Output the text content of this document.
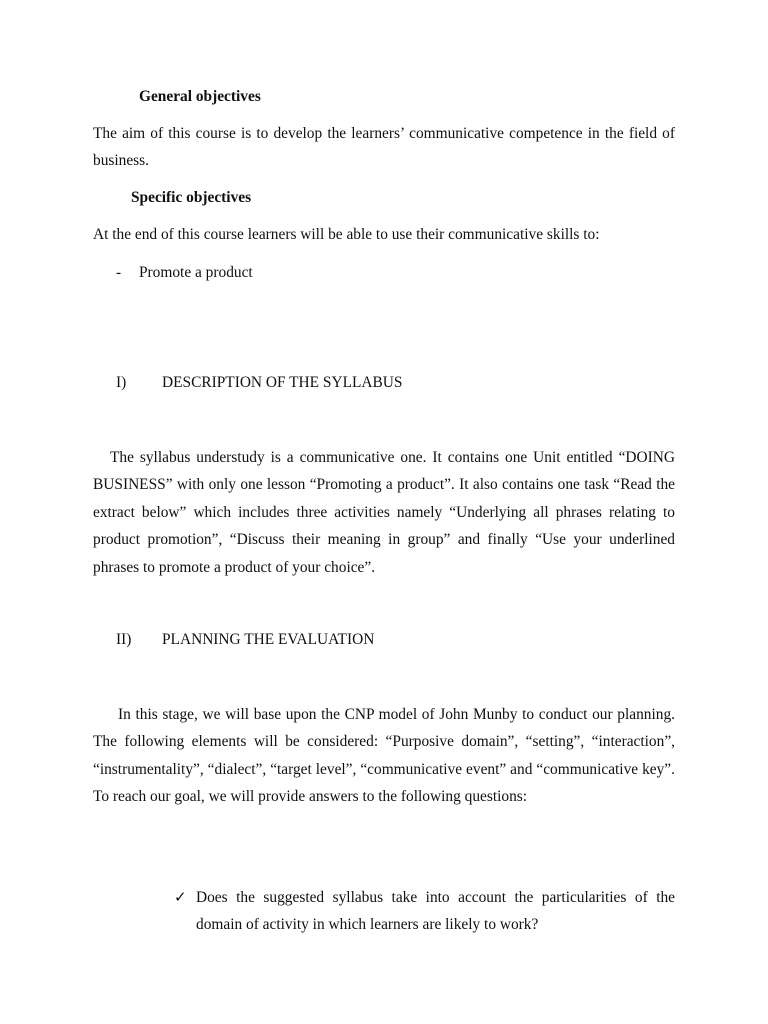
General objectives

The aim of this course is to develop the learners’ communicative competence in the field of business.

Specific objectives
At the end of this course learners will be able to use their communicative skills to:
- Promote a product
I) DESCRIPTION OF THE SYLLABUS

The syllabus understudy is a communicative one. It contains one Unit entitled “DOING BUSINESS” with only one lesson “Promoting a product”. It also contains one task “Read the extract below” which includes three activities namely “Underlying all phrases relating to product promotion”, “Discuss their meaning in group” and finally “Use your underlined phrases to promote a product of your choice”.

II) PLANNING THE EVALUATION

In this stage, we will base upon the CNP model of John Munby to conduct our planning. The following elements will be considered: “Purposive domain”, “setting”, “interaction”, “instrumentality”, “dialect”, “target level”, “communicative event” and “communicative key”. To reach our goal, we will provide answers to the following questions:

✓ Does the suggested syllabus take into account the particularities of the domain of activity in which learners are likely to work?
